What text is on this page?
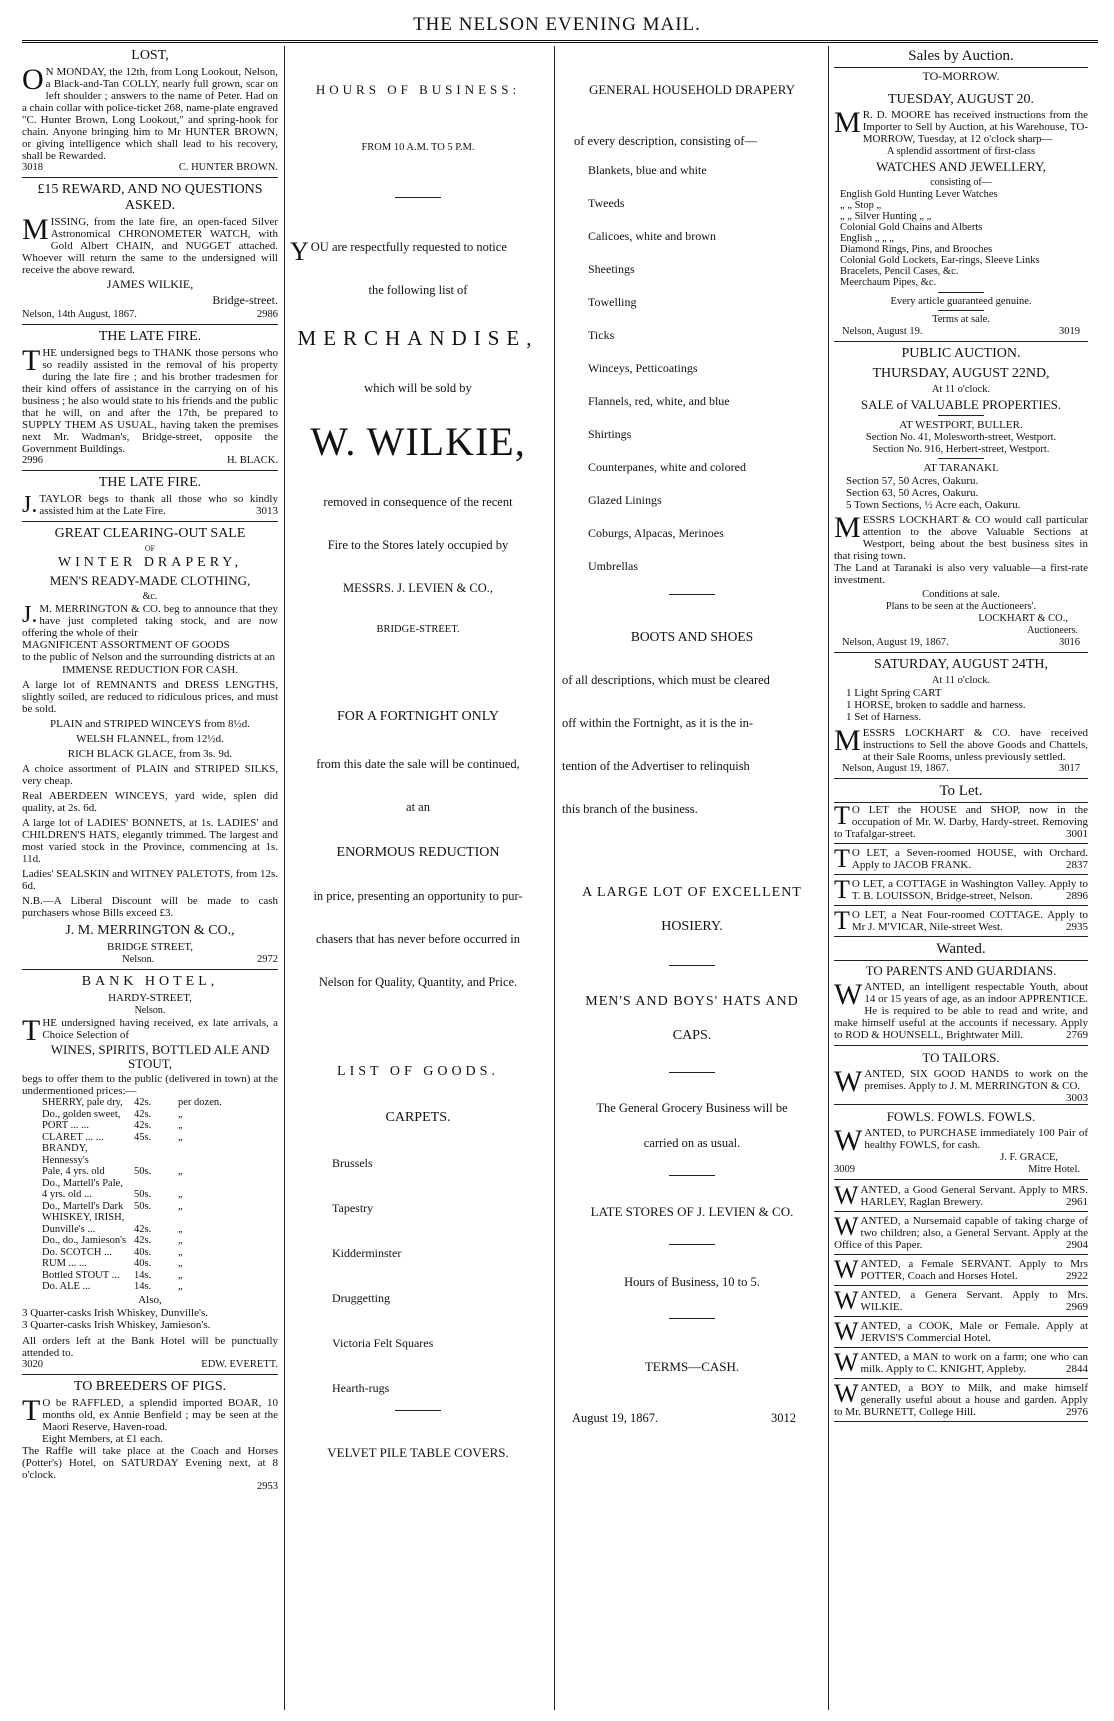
THE NELSON EVENING MAIL.
LOST,
O N MONDAY, the 12th, from Long Lookout, Nelson, a Black-and-Tan COLLY, nearly full grown, scar on left shoulder ; answers to the name of Peter. Had on a chain collar with police-ticket 268, name-plate engraved "C. Hunter Brown, Long Lookout," and spring-hook for chain. Anyone bringing him to Mr HUNTER BROWN, or giving intelligence which shall lead to his recovery, shall be Rewarded.
3018	C. HUNTER BROWN.
£15 REWARD, AND NO QUESTIONS ASKED.
M ISSING, from the late fire, an open-faced Silver Astronomical CHRONOMETER WATCH, with Gold Albert CHAIN, and NUGGET attached. Whoever will return the same to the undersigned will receive the above reward.
JAMES WILKIE,
Bridge-street.
Nelson, 14th August, 1867.	2986
THE LATE FIRE.
T HE undersigned begs to THANK those persons who so readily assisted in the removal of his property during the late fire ; and his brother tradesmen for their kind offers of assistance in the carrying on of his business ; he also would state to his friends and the public that he will, on and after the 17th, be prepared to SUPPLY THEM AS USUAL, having taken the premises next Mr. Wadman's, Bridge-street, opposite the Government Buildings.
2996	H. BLACK.
THE LATE FIRE.
J. TAYLOR begs to thank all those who so kindly assisted him at the Late Fire.	3013
GREAT CLEARING-OUT SALE
OF
WINTER DRAPERY,
MEN'S READY-MADE CLOTHING,
&c.
J. M. MERRINGTON & CO. beg to announce that they have just completed taking stock, and are now offering the whole of their

MAGNIFICENT ASSORTMENT OF GOODS

to the public of Nelson and the surrounding districts at an

IMMENSE REDUCTION FOR CASH.

A large lot of REMNANTS and DRESS LENGTHS, slightly soiled, are reduced to ridiculous prices, and must be sold.

PLAIN and STRIPED WINCEYS from 8½d.

WELSH FLANNEL, from 12½d.

RICH BLACK GLACE, from 3s. 9d.

A choice assortment of PLAIN and STRIPED SILKS, very cheap.

Real ABERDEEN WINCEYS, yard wide, splen did quality, at 2s. 6d.

A large lot of LADIES' BONNETS, at 1s. LADIES' and CHILDREN'S HATS, elegantly trimmed. The largest and most varied stock in the Province, commencing at 1s. 11d.

Ladies' SEALSKIN and WITNEY PALETOTS, from 12s. 6d.

N.B.—A Liberal Discount will be made to cash purchasers whose Bills exceed £3.

J. M. MERRINGTON & CO.,
BRIDGE STREET,
Nelson.	2972
BANK HOTEL,
HARDY-STREET,
Nelson.
T HE undersigned having received, ex late arrivals, a Choice Selection of
WINES, SPIRITS, BOTTLED ALE AND STOUT,

begs to offer them to the public (delivered in town) at the undermentioned prices:—

SHERRY, pale dry,	42s.	per dozen.
Do., golden sweet,	42s.	„
PORT ... ...	42s.	„
CLARET ... ...	45s.	„
BRANDY, Hennessy's
Pale, 4 yrs. old	50s.	„
Do., Martell's Pale,
4 yrs. old ...	50s.	„
Do., Martell's Dark	50s.	„
WHISKEY, IRISH,
Dunville's ...	42s.	„
Do., do., Jamieson's 42s.	„
Do. SCOTCH ...	40s.	„
RUM ... ...	40s.	„
Bottled STOUT ...	14s.	„
Do. ALE ...	14s.	„
Also,

3 Quarter-casks Irish Whiskey, Dunville's.

3 Quarter-casks Irish Whiskey, Jamieson's.

All orders left at the Bank Hotel will be punctually attended to.

3020	EDW. EVERETT.
TO BREEDERS OF PIGS.
T O be RAFFLED, a splendid imported BOAR, 10 months old, ex Annie Benfield ; may be seen at the Maori Reserve, Haven-road.

Eight Members, at £1 each.

The Raffle will take place at the Coach and Horses (Potter's) Hotel, on SATURDAY Evening next, at 8 o'clock.

2953
HOURS OF BUSINESS:
FROM 10 A.M. TO 5 P.M.
YOU are respectfully requested to notice
the following list of
MERCHANDISE,
which will be sold by
W. WILKIE,
removed in consequence of the recent
Fire to the Stores lately occupied by
MESSRS. J. LEVIEN & CO.,
BRIDGE-STREET.
FOR A FORTNIGHT ONLY
from this date the sale will be continued,
at an
ENORMOUS REDUCTION
in price, presenting an opportunity to pur-
chasers that has never before occurred in
Nelson for Quality, Quantity, and Price.
LIST OF GOODS.
CARPETS.
Brussels
Tapestry
Kidderminster
Druggetting
Victoria Felt Squares
Hearth-rugs
VELVET PILE TABLE COVERS.
GENERAL HOUSEHOLD DRAPERY
of every description, consisting of—
Blankets, blue and white
Tweeds
Calicoes, white and brown
Sheetings
Towelling
Ticks
Winceys, Petticoatings
Flannels, red, white, and blue
Shirtings
Counterpanes, white and colored
Glazed Linings
Coburgs, Alpacas, Merinoes
Umbrellas
BOOTS AND SHOES
of all descriptions, which must be cleared
off within the Fortnight, as it is the in-
tention of the Advertiser to relinquish
this branch of the business.
A LARGE LOT OF EXCELLENT
HOSIERY.
MEN'S AND BOYS' HATS AND
CAPS.
The General Grocery Business will be
carried on as usual.
LATE STORES OF J. LEVIEN & CO.
Hours of Business, 10 to 5.
TERMS—CASH.
August 19, 1867.	3012
Sales by Auction.
TO-MORROW.
TUESDAY, AUGUST 20.
M R. D. MOORE has received instructions from the Importer to Sell by Auction, at his Warehouse, TO-MORROW, Tuesday, at 12 o'clock sharp—
A splendid assortment of first-class
WATCHES AND JEWELLERY,
consisting of—
English Gold Hunting Lever Watches
„ „ Stop „
„ „ Silver Hunting „ „
Colonial Gold Chains and Alberts
English „ „ „
Diamond Rings, Pins, and Brooches
Colonial Gold Lockets, Ear-rings, Sleeve Links
Bracelets, Pencil Cases, &c.
Meerchaum Pipes, &c.
Every article guaranteed genuine.
Terms at sale.
Nelson, August 19.	3019
PUBLIC AUCTION.
THURSDAY, AUGUST 22ND,
At 11 o'clock.
SALE of VALUABLE PROPERTIES.
AT WESTPORT, BULLER.
Section No. 41, Molesworth-street, Westport.
Section No. 916, Herbert-street, Westport.
AT TARANAKI.
Section 57, 50 Acres, Oakuru.
Section 63, 50 Acres, Oakuru.
5 Town Sections, ½ Acre each, Oakuru.
M ESSRS LOCKHART & CO would call particular attention to the above Valuable Sections at Westport, being about the best business sites in that rising town.

The Land at Taranaki is also very valuable—a first-rate investment.

Conditions at sale.
Plans to be seen at the Auctioneers'.
LOCKHART & CO.,
Auctioneers.
Nelson, August 19, 1867.	3016
SATURDAY, AUGUST 24TH,
At 11 o'clock.
1 Light Spring CART
1 HORSE, broken to saddle and harness.
1 Set of Harness.
M ESSRS LOCKHART & CO. have received instructions to Sell the above Goods and Chattels, at their Sale Rooms, unless previously settled.
Nelson, August 19, 1867.	3017
To Let.
T O LET the HOUSE and SHOP, now in the occupation of Mr. W. Darby, Hardy-street. Removing to Trafalgar-street.	3001
T O LET, a Seven-roomed HOUSE, with Orchard. Apply to JACOB FRANK.	2837
T O LET, a COTTAGE in Washington Valley. Apply to T. B. LOUISSON, Bridge-street, Nelson.	2896
T O LET, a Neat Four-roomed COTTAGE. Apply to Mr J. M'VICAR, Nile-street West.	2935
Wanted.
TO PARENTS AND GUARDIANS.
W ANTED, an intelligent respectable Youth, about 14 or 15 years of age, as an indoor APPRENTICE. He is required to be able to read and write, and make himself useful at the accounts if necessary. Apply to ROD & HOUNSELL, Brightwater Mill.	2769
TO TAILORS.
W ANTED, SIX GOOD HANDS to work on the premises. Apply to J. M. MERRINGTON & CO.
3003
FOWLS. FOWLS. FOWLS.
W ANTED, to PURCHASE immediately 100 Pair of healthy FOWLS, for cash.
J. F. GRACE,
3009	Mitre Hotel.
WANTED, a Good General Servant. Apply to MRS. HARLEY, Raglan Brewery.	2961
WANTED, a Nursemaid capable of taking charge of two children; also, a General Servant. Apply at the Office of this Paper.	2904
WANTED, a Female SERVANT. Apply to Mrs POTTER, Coach and Horses Hotel.	2922
WANTED, a Genera Servant. Apply to Mrs. WILKIE.	2969
WANTED, a COOK, Male or Female. Apply at JERVIS'S Commercial Hotel.
WANTED, a MAN to work on a farm; one who can milk. Apply to C. KNIGHT, Appleby.	2844
WANTED, a BOY to Milk, and make himself generally useful about a house and garden. Apply to Mr. BURNETT, College Hill.	2976
